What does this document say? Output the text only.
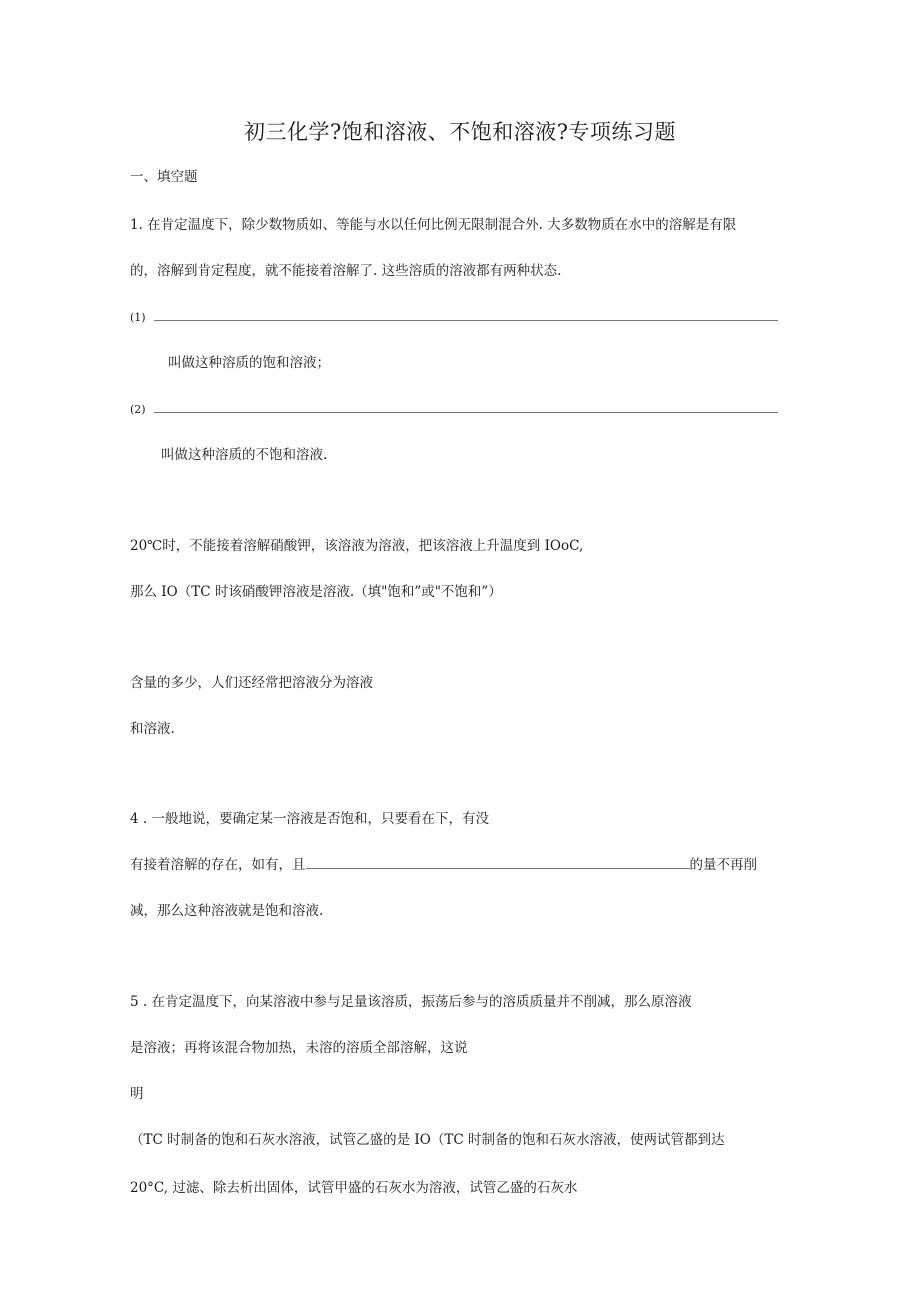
初三化学?饱和溶液、不饱和溶液?专项练习题
一、填空题
1. 在肯定温度下，除少数物质如、等能与水以任何比例无限制混合外. 大多数物质在水中的溶解是有限
的，溶解到肯定程度，就不能接着溶解了. 这些溶质的溶液都有两种状态.
(1)
叫做这种溶质的饱和溶液；
(2)
叫做这种溶质的不饱和溶液.
20℃时，不能接着溶解硝酸钾，该溶液为溶液，把该溶液上升温度到 IOoC,
那么 IO（TC 时该硝酸钾溶液是溶液.（填"饱和”或"不饱和”）
含量的多少，人们还经常把溶液分为溶液
和溶液.
4 . 一般地说，要确定某一溶液是否饱和，只要看在下，有没
有接着溶解的存在，如有，且	的量不再削
减，那么这种溶液就是饱和溶液.
5 . 在肯定温度下，向某溶液中参与足量该溶质，振荡后参与的溶质质量并不削减，那么原溶液
是溶液；再将该混合物加热，未溶的溶质全部溶解，这说
明
（TC 时制备的饱和石灰水溶液，试管乙盛的是 IO（TC 时制备的饱和石灰水溶液，使两试管都到达
20°C, 过滤、除去析出固体，试管甲盛的石灰水为溶液，试管乙盛的石灰水
